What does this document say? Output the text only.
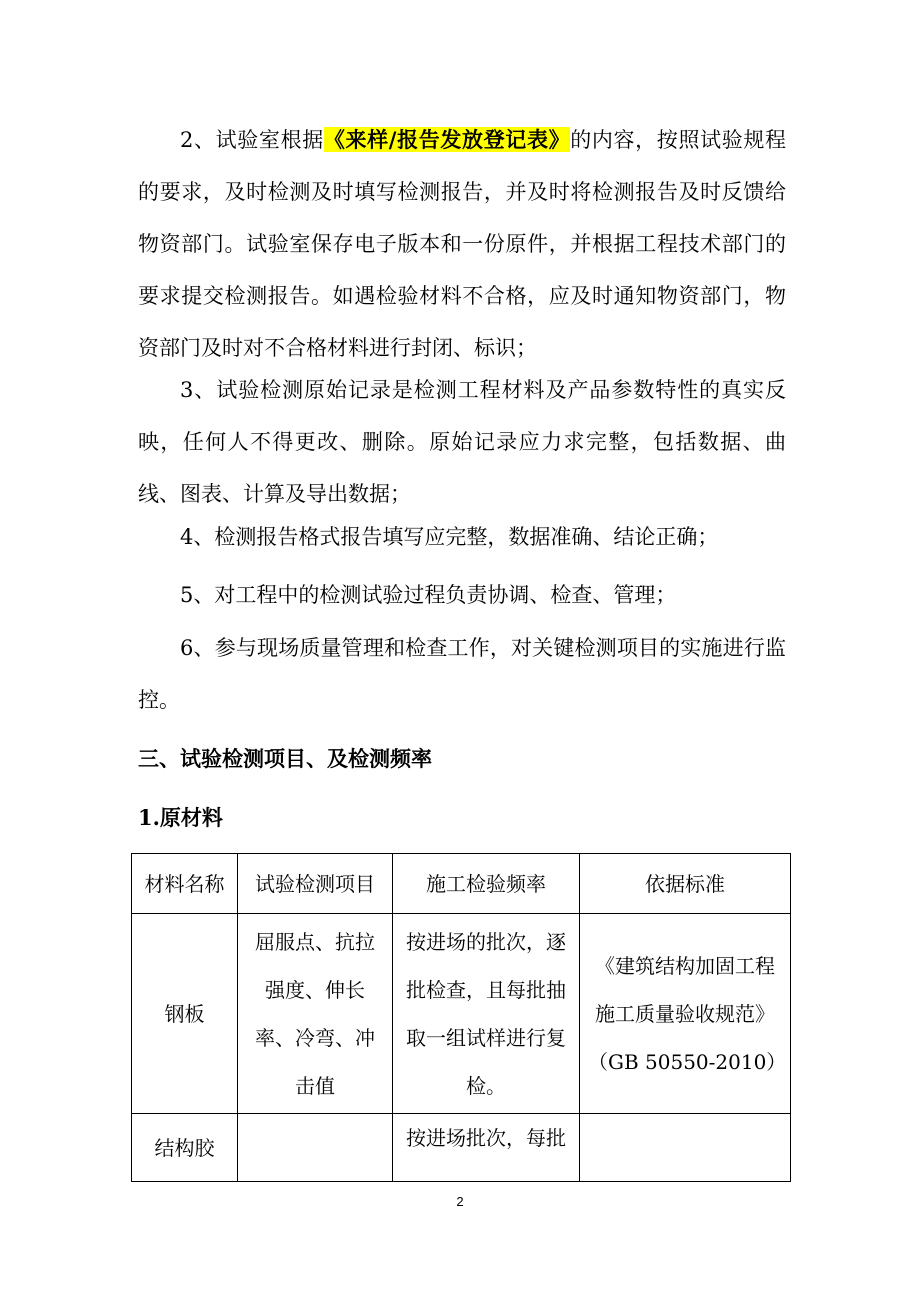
2、试验室根据《来样/报告发放登记表》的内容，按照试验规程的要求，及时检测及时填写检测报告，并及时将检测报告及时反馈给物资部门。试验室保存电子版本和一份原件，并根据工程技术部门的要求提交检测报告。如遇检验材料不合格，应及时通知物资部门，物资部门及时对不合格材料进行封闭、标识；

3、试验检测原始记录是检测工程材料及产品参数特性的真实反映，任何人不得更改、删除。原始记录应力求完整，包括数据、曲线、图表、计算及导出数据；

4、检测报告格式报告填写应完整，数据准确、结论正确；

5、对工程中的检测试验过程负责协调、检查、管理；

6、参与现场质量管理和检查工作，对关键检测项目的实施进行监控。

三、试验检测项目、及检测频率
1.原材料
材料名称	试验检测项目	施工检验频率	依据标准
钢板	屈服点、抗拉强度、伸长率、冷弯、冲击值	按进场的批次，逐批检查，且每批抽取一组试样进行复检。	《建筑结构加固工程施工质量验收规范》（GB 50550-2010）
结构胶		按进场批次，每批	
2
